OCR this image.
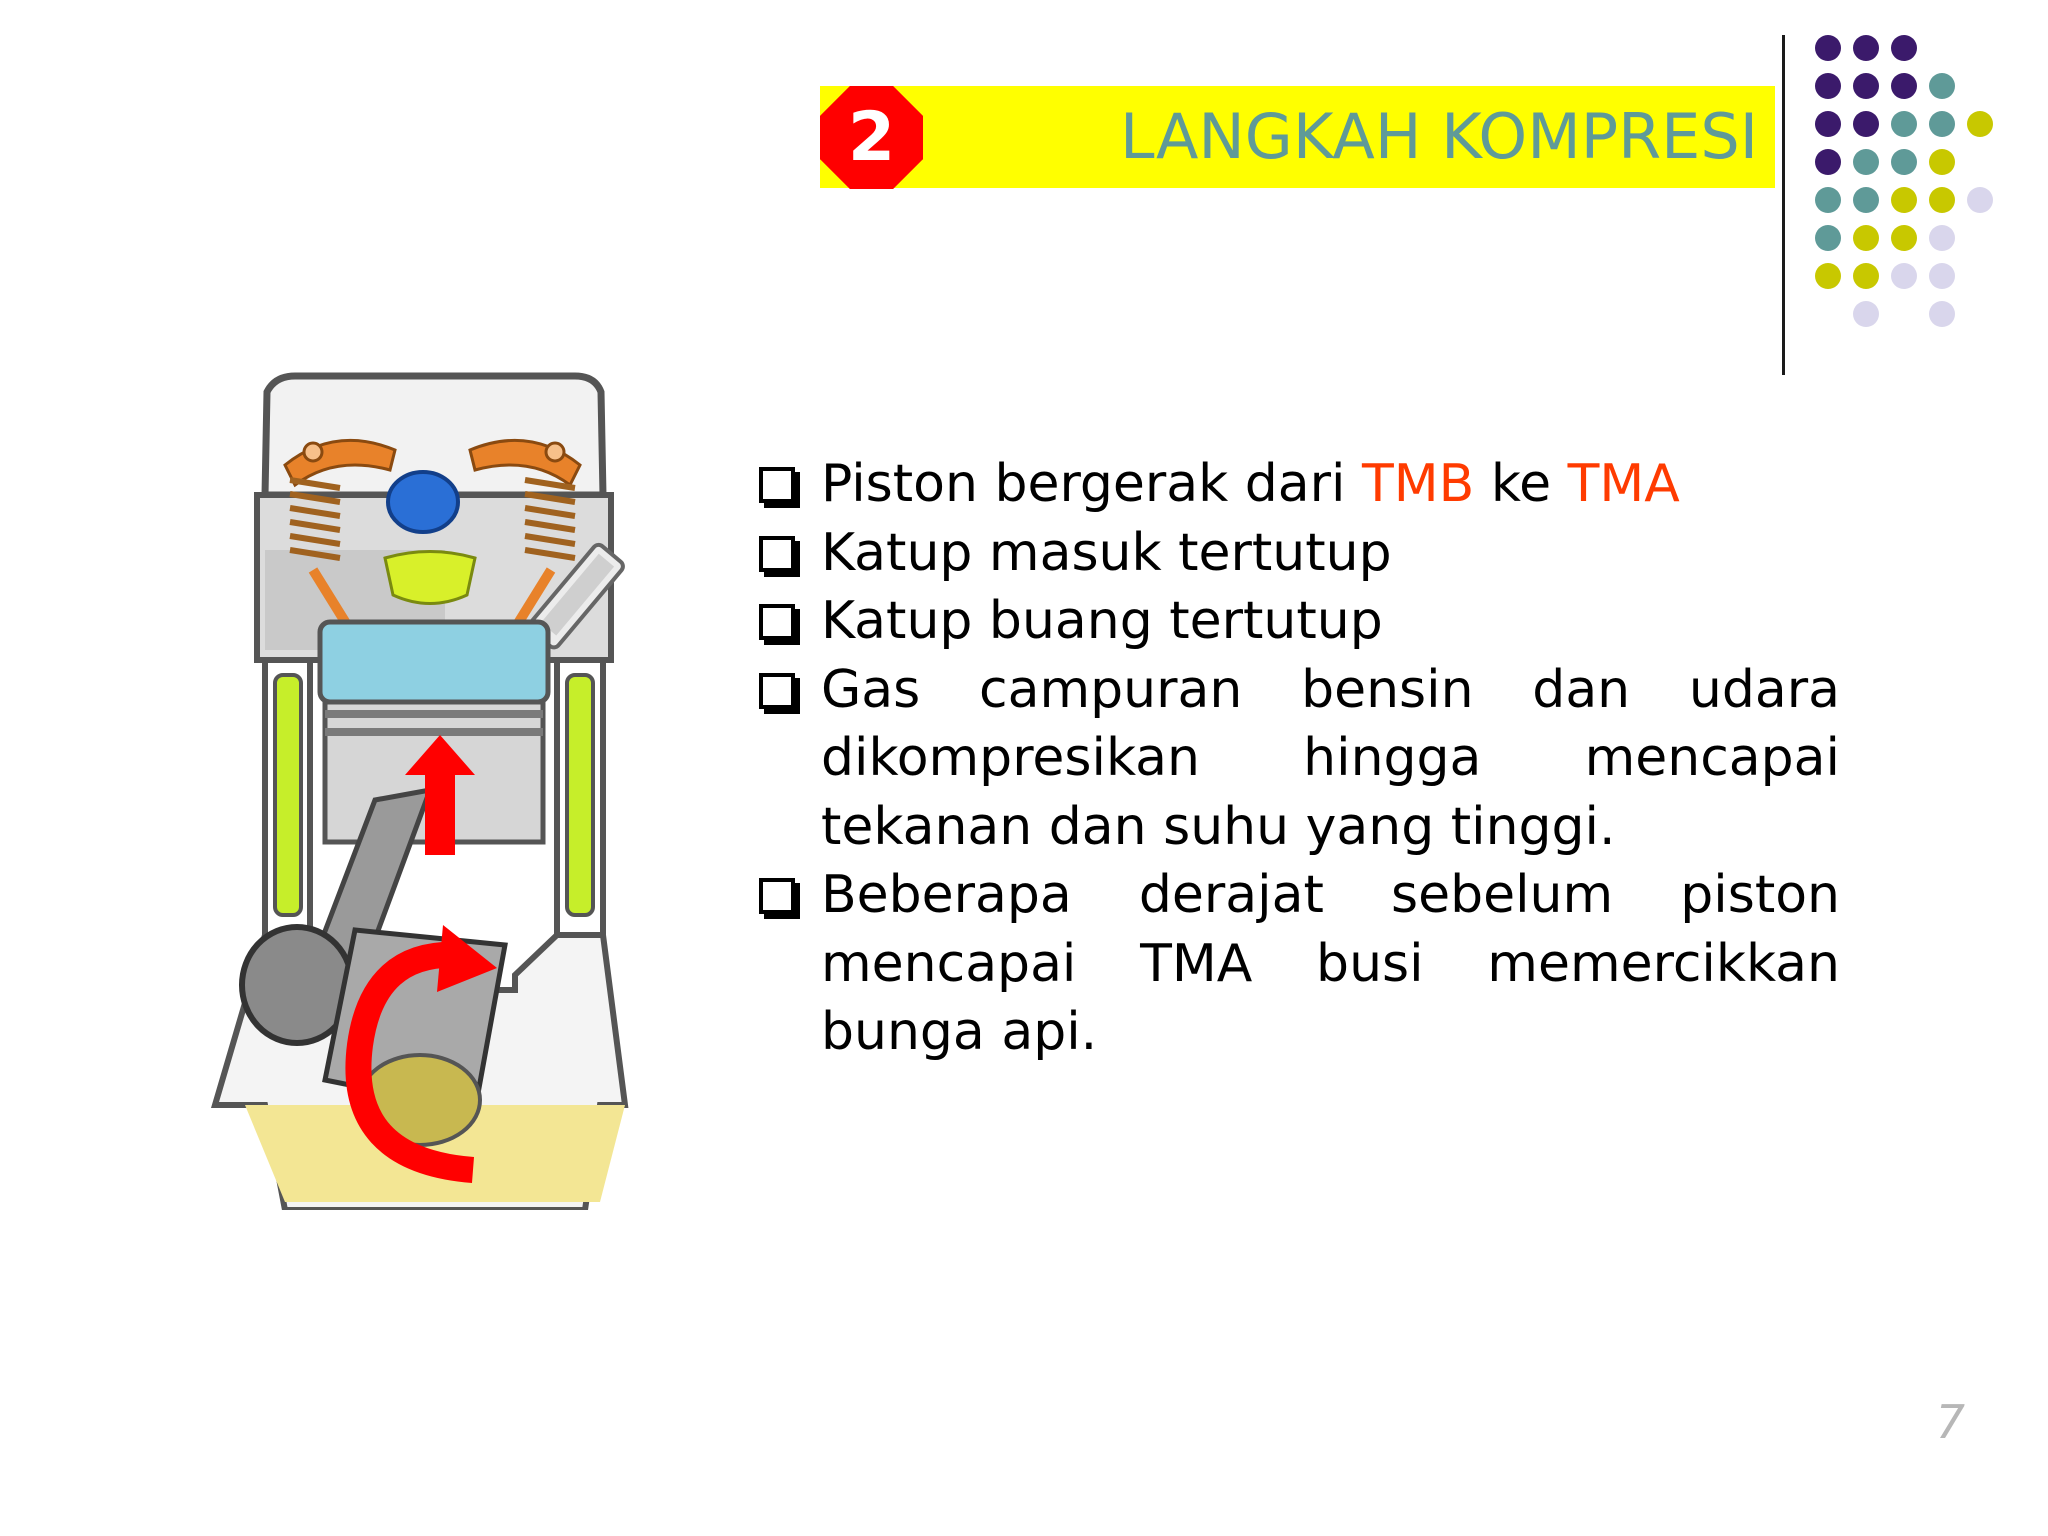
2	LANGKAH KOMPRESI
Piston bergerak dari TMB ke TMA
Katup masuk tertutup
Katup buang tertutup
Gas campuran bensin dan udara dikompresikan hingga mencapai tekanan dan suhu yang tinggi.
Beberapa derajat sebelum piston mencapai TMA busi memercikkan bunga api.
7
